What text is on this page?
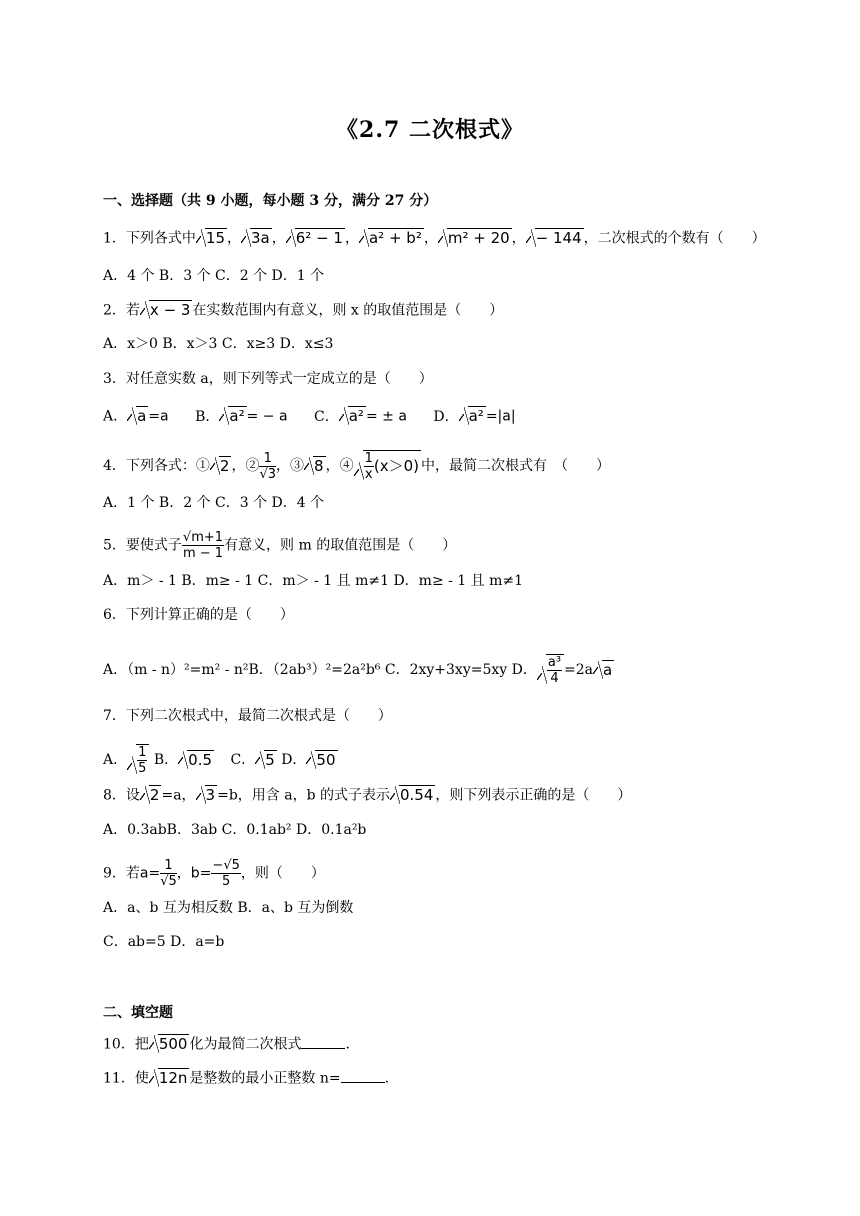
《2.7 二次根式》
一、选择题（共 9 小题，每小题 3 分，满分 27 分）
1．下列各式中 15 ， 3a ， 6² − 1 ， a² + b² ， m² + 20 ， − 144 ，二次根式的个数有（　　）
A．4 个 B．3 个 C．2 个 D．1 个
2．若 x − 3 在实数范围内有意义，则 x 的取值范围是（　　）
A．x＞0 B．x＞3 C．x≥3 D．x≤3
3．对任意实数 a，则下列等式一定成立的是（　　）
A． a =a B． a² = − a C． a² = ± a D． a² =|a|
4．下列各式：① 2 ，② $\frac{1}{√3}$ ，③ 8 ，④ $\frac{1}{x} (x>0)$ 中，最简二次根式有　（　　）
A．1 个 B．2 个 C．3 个 D．4 个
5．要使式子 $\frac{√m+1}{m - 1}$ 有意义，则 m 的取值范围是（　　）
A．m＞ - 1 B．m≥ - 1 C．m＞ - 1 且 m≠1 D．m≥ - 1 且 m≠1
6．下列计算正确的是（　　）
A．（m - n）²=m² - n²B．（2ab³）²=2a²b⁶ C．2xy+3xy=5xy D． $\frac{\text{a³}}{4} =2a$ a
7．下列二次根式中，最简二次根式是（　　）
A． $\frac{1}{5}$ B． 0.5 C． 5 D． 50
8．设 2 =a， 3 =b，用含 a，b 的式子表示 0.54 ，则下列表示正确的是（　　）
A．0.3abB．3ab C．0.1ab² D．0.1a²b
9．若$a= \frac{1}{√5}$ ，$b= \frac{-√5}{5}$ ，则（　　）
A．a、b 互为相反数 B．a、b 互为倒数
C．ab=5 D．a=b
二、填空题
10．把 500 化为最简二次根式	.
11．使 12n 是整数的最小正整数 n=	.
